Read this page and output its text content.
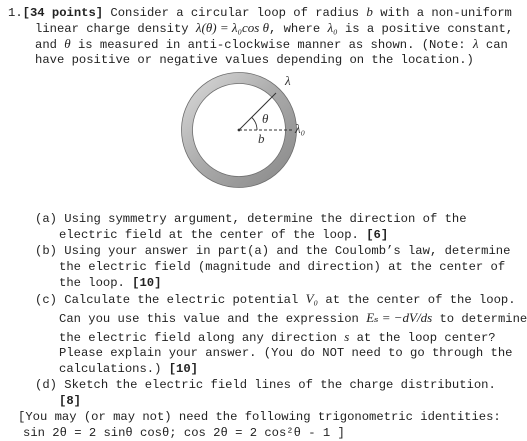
1.[34 points] Consider a circular loop of radius b with a non-uniform
linear charge density λ(θ) = λ₀cos θ, where λ₀ is a positive constant,
and θ is measured in anti-clockwise manner as shown. (Note: λ can
have positive or negative values depending on the location.)
λ
θ
b
λ₀
(a) Using symmetry argument, determine the direction of the
electric field at the center of the loop. [6]
(b) Using your answer in part(a) and the Coulomb’s law, determine
the electric field (magnitude and direction) at the center of
the loop. [10]
(c) Calculate the electric potential V₀ at the center of the loop.
Can you use this value and the expression Eₛ = −dV/ds to determine
the electric field along any direction s at the loop center?
Please explain your answer. (You do NOT need to go through the
calculations.) [10]
(d) Sketch the electric field lines of the charge distribution.
[8]
[You may (or may not) need the following trigonometric identities:
sin 2θ = 2 sinθ cosθ; cos 2θ = 2 cos²θ - 1 ]
